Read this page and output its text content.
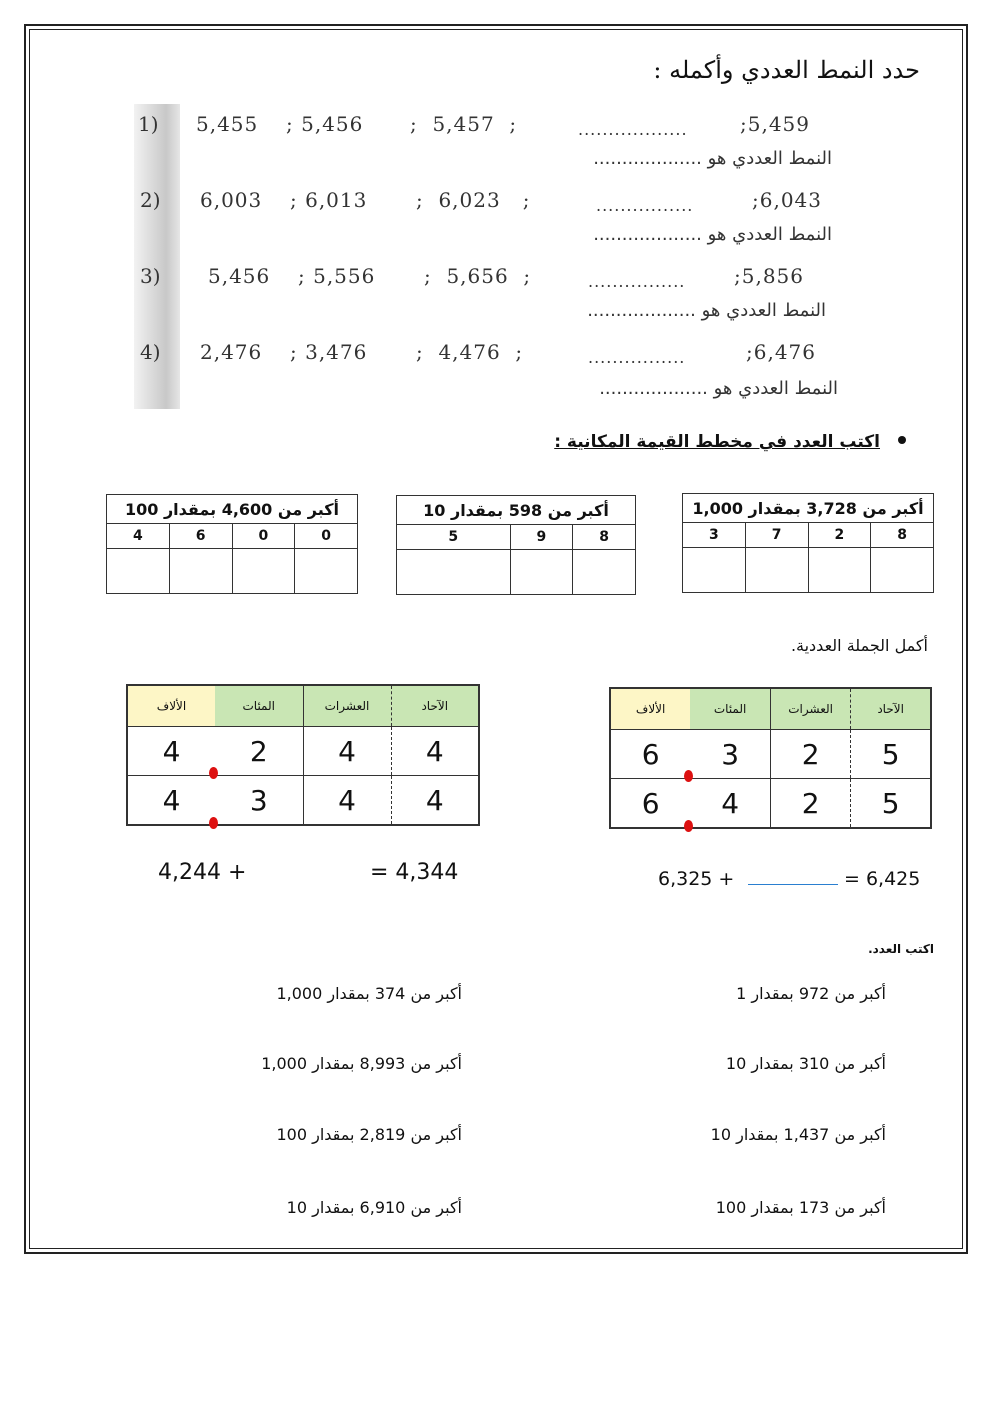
حدد النمط العددي وأكمله :
1) 5,455 ; 5,456 ;  5,457  ;	..................	;5,459
النمط العددي هو ...................
2) 6,003 ; 6,013 ;  6,023   ;	................	;6,043
النمط العددي هو ...................
3) 5,456 ; 5,556 ;  5,656  ;	................ ;5,856
النمط العددي هو ...................
4) 2,476 ; 3,476 ;  4,476  ;	................	;6,476
النمط العددي هو ...................
اكتب العدد في مخطط القيمة المكانية :
أكبر من 4,600 بمقدار 100			
4	6	0	0

أكبر من 598 بمقدار 10		
5	9	8

أكبر من 3,728 بمقدار 1,000			
3	7	2	8

أكمل الجملة العددية.
الألاف	المئات	العشرات	الآحاد
4	2	4	4
4	3	4	4
الألاف	المئات	العشرات	الآحاد
6	3	2	5
6	4	2	5
4,244 +	= 4,344	6,325 +	= 6,425
اكتب العدد.
أكبر من 374 بمقدار 1,000
أكبر من 8,993 بمقدار 1,000
أكبر من 2,819 بمقدار 100
أكبر من 6,910 بمقدار 10
أكبر من 972 بمقدار 1
أكبر من 310 بمقدار 10
أكبر من 1,437 بمقدار 10
أكبر من 173 بمقدار 100
